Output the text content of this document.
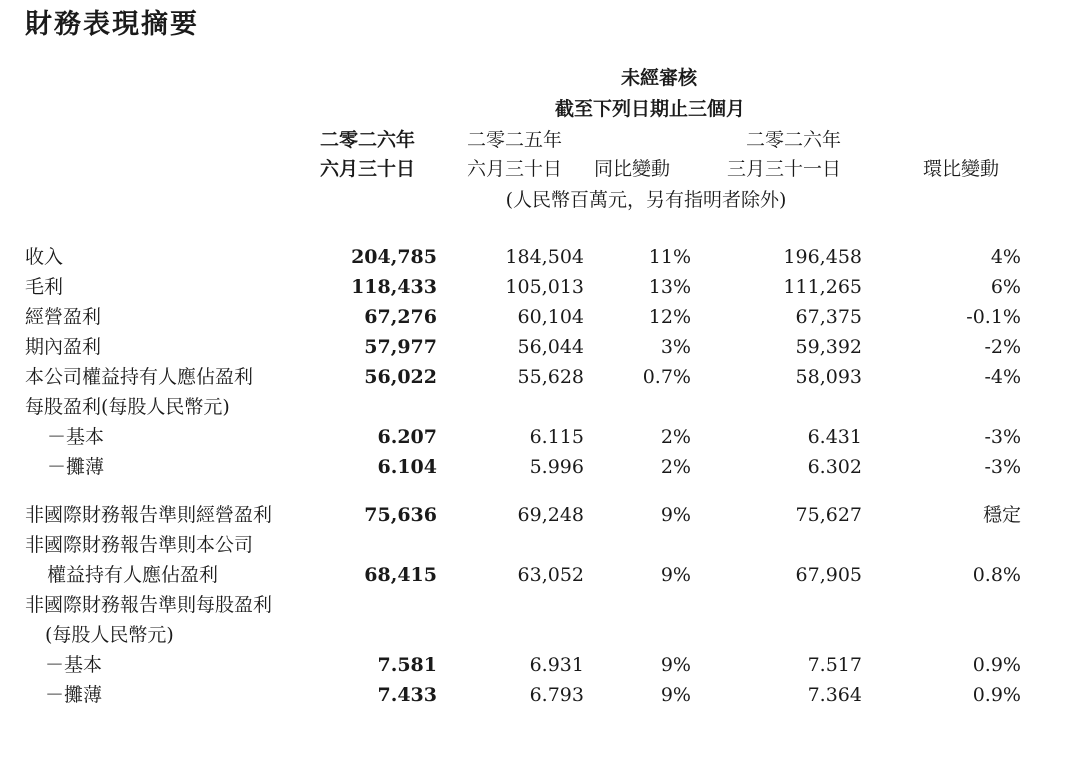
財務表現摘要
未經審核
截至下列日期止三個月
二零二六年
六月三十日
二零二五年
六月三十日	同比變動
二零二六年
三月三十一日	環比變動
(人民幣百萬元，另有指明者除外)
收入	204,785	184,504	11%	196,458	4%
毛利	118,433	105,013	13%	111,265	6%
經營盈利	67,276	60,104	12%	67,375	-0.1%
期內盈利	57,977	56,044	3%	59,392	-2%
本公司權益持有人應佔盈利	56,022	55,628	0.7%	58,093	-4%
每股盈利(每股人民幣元)					
－基本	6.207	6.115	2%	6.431	-3%
－攤薄	6.104	5.996	2%	6.302	-3%

非國際財務報告準則經營盈利	75,636	69,248	9%	75,627	穩定
非國際財務報告準則本公司					
權益持有人應佔盈利	68,415	63,052	9%	67,905	0.8%
非國際財務報告準則每股盈利					
(每股人民幣元)					
－基本	7.581	6.931	9%	7.517	0.9%
－攤薄	7.433	6.793	9%	7.364	0.9%
